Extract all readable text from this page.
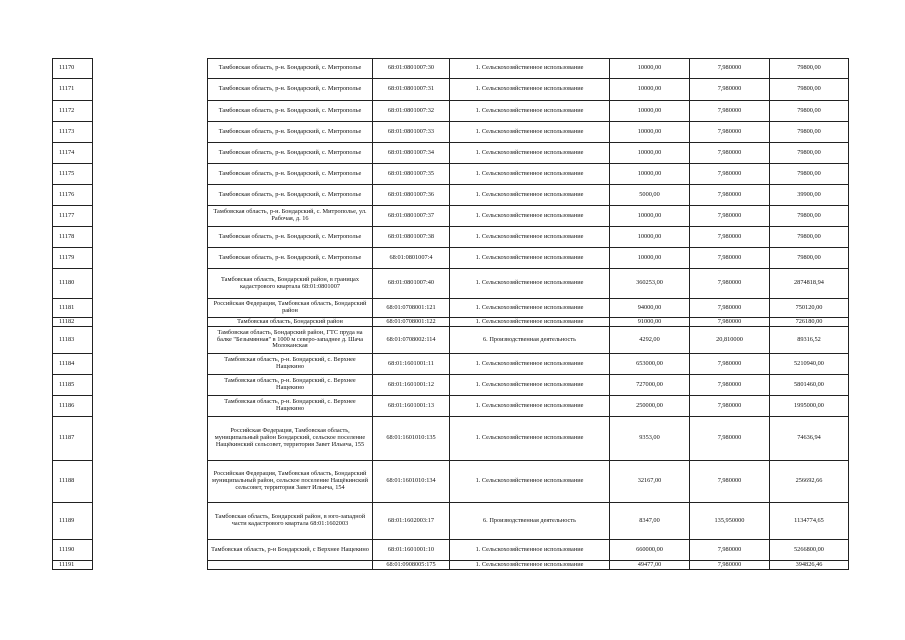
11170		Тамбовская область, р-н. Бондарский, с. Митрополье	68:01:0801007:30	1. Сельскохозяйственное использование	10000,00	7,980000	79800,00
11171		Тамбовская область, р-н. Бондарский, с. Митрополье	68:01:0801007:31	1. Сельскохозяйственное использование	10000,00	7,980000	79800,00
11172		Тамбовская область, р-н. Бондарский, с. Митрополье	68:01:0801007:32	1. Сельскохозяйственное использование	10000,00	7,980000	79800,00
11173		Тамбовская область, р-н. Бондарский, с. Митрополье	68:01:0801007:33	1. Сельскохозяйственное использование	10000,00	7,980000	79800,00
11174		Тамбовская область, р-н. Бондарский, с. Митрополье	68:01:0801007:34	1. Сельскохозяйственное использование	10000,00	7,980000	79800,00
11175		Тамбовская область, р-н. Бондарский, с. Митрополье	68:01:0801007:35	1. Сельскохозяйственное использование	10000,00	7,980000	79800,00
11176		Тамбовская область, р-н. Бондарский, с. Митрополье	68:01:0801007:36	1. Сельскохозяйственное использование	5000,00	7,980000	39900,00
11177		Тамбовская область, р-н. Бондарский, с. Митрополье, ул. Рабочая, д. 16	68:01:0801007:37	1. Сельскохозяйственное использование	10000,00	7,980000	79800,00
11178		Тамбовская область, р-н. Бондарский, с. Митрополье	68:01:0801007:38	1. Сельскохозяйственное использование	10000,00	7,980000	79800,00
11179		Тамбовская область, р-н. Бондарский, с. Митрополье	68:01:0801007:4	1. Сельскохозяйственное использование	10000,00	7,980000	79800,00
11180		Тамбовская область, Бондарский район, в границах кадастрового квартала 68:01:0801007	68:01:0801007:40	1. Сельскохозяйственное использование	360253,00	7,980000	2874818,94
11181		Российская Федерация, Тамбовская область, Бондарский район	68:01:0708001:121	1. Сельскохозяйственное использование	94000,00	7,980000	750120,00
11182		Тамбовская область, Бондарский район	68:01:0708001:122	1. Сельскохозяйственное использование	91000,00	7,980000	726180,00
11183		Тамбовская область, Бондарский район, ГТС пруда на балке "Безымянная" в 1000 м северо-западнее д. Шача Молоканская	68:01:0708002:114	6. Производственная деятельность	4292,00	20,810000	89316,52
11184		Тамбовская область, р-н. Бондарский, с. Верхнее Нащекино	68:01:1601001:11	1. Сельскохозяйственное использование	653000,00	7,980000	5210940,00
11185		Тамбовская область, р-н. Бондарский, с. Верхнее Нащекино	68:01:1601001:12	1. Сельскохозяйственное использование	727000,00	7,980000	5801460,00
11186		Тамбовская область, р-н. Бондарский, с. Верхнее Нащекино	68:01:1601001:13	1. Сельскохозяйственное использование	250000,00	7,980000	1995000,00
11187		Российская Федерация, Тамбовская область, муниципальный район Бондарский, сельское поселение Нащёкинский сельсовет, территория Завет Ильича, 155	68:01:1601010:135	1. Сельскохозяйственное использование	9353,00	7,980000	74636,94
11188		Российская Федерация, Тамбовская область, Бондарский муниципальный район, сельское поселение Нащёкинский сельсовет, территория Завет Ильича, 154	68:01:1601010:134	1. Сельскохозяйственное использование	32167,00	7,980000	256692,66
11189		Тамбовская область, Бондарский район, в юго-западной части кадастрового квартала 68:01:1602003	68:01:1602003:17	6. Производственная деятельность	8347,00	135,950000	1134774,65
11190		Тамбовская область, р-н Бондарский, с Верхнее Нащекино	68:01:1601001:10	1. Сельскохозяйственное использование	660000,00	7,980000	5266800,00
11191			68:01:0908005:175	1. Сельскохозяйственное использование	49477,00	7,980000	394826,46
